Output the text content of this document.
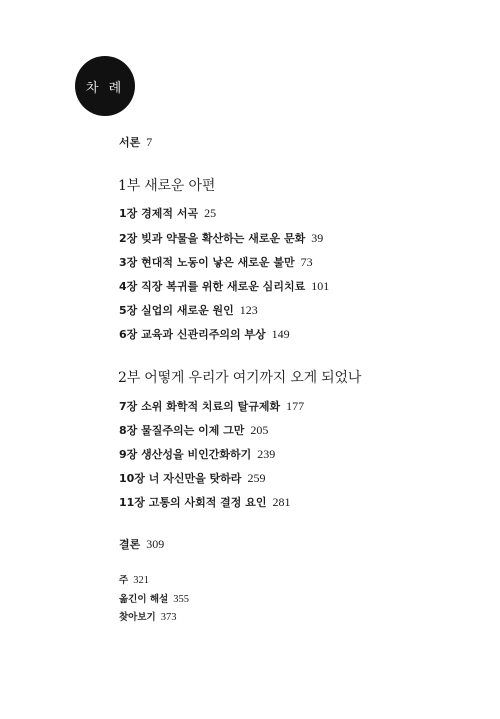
차 례
서론 7
1부 새로운 아편
1장 경제적 서곡 25
2장 빚과 약물을 확산하는 새로운 문화 39
3장 현대적 노동이 낳은 새로운 불만 73
4장 직장 복귀를 위한 새로운 심리치료 101
5장 실업의 새로운 원인 123
6장 교육과 신관리주의의 부상 149
2부 어떻게 우리가 여기까지 오게 되었나
7장 소위 화학적 치료의 탈규제화 177
8장 물질주의는 이제 그만 205
9장 생산성을 비인간화하기 239
10장 너 자신만을 탓하라 259
11장 고통의 사회적 결정 요인 281
결론 309
주 321
옮긴이 해설 355
찾아보기 373
